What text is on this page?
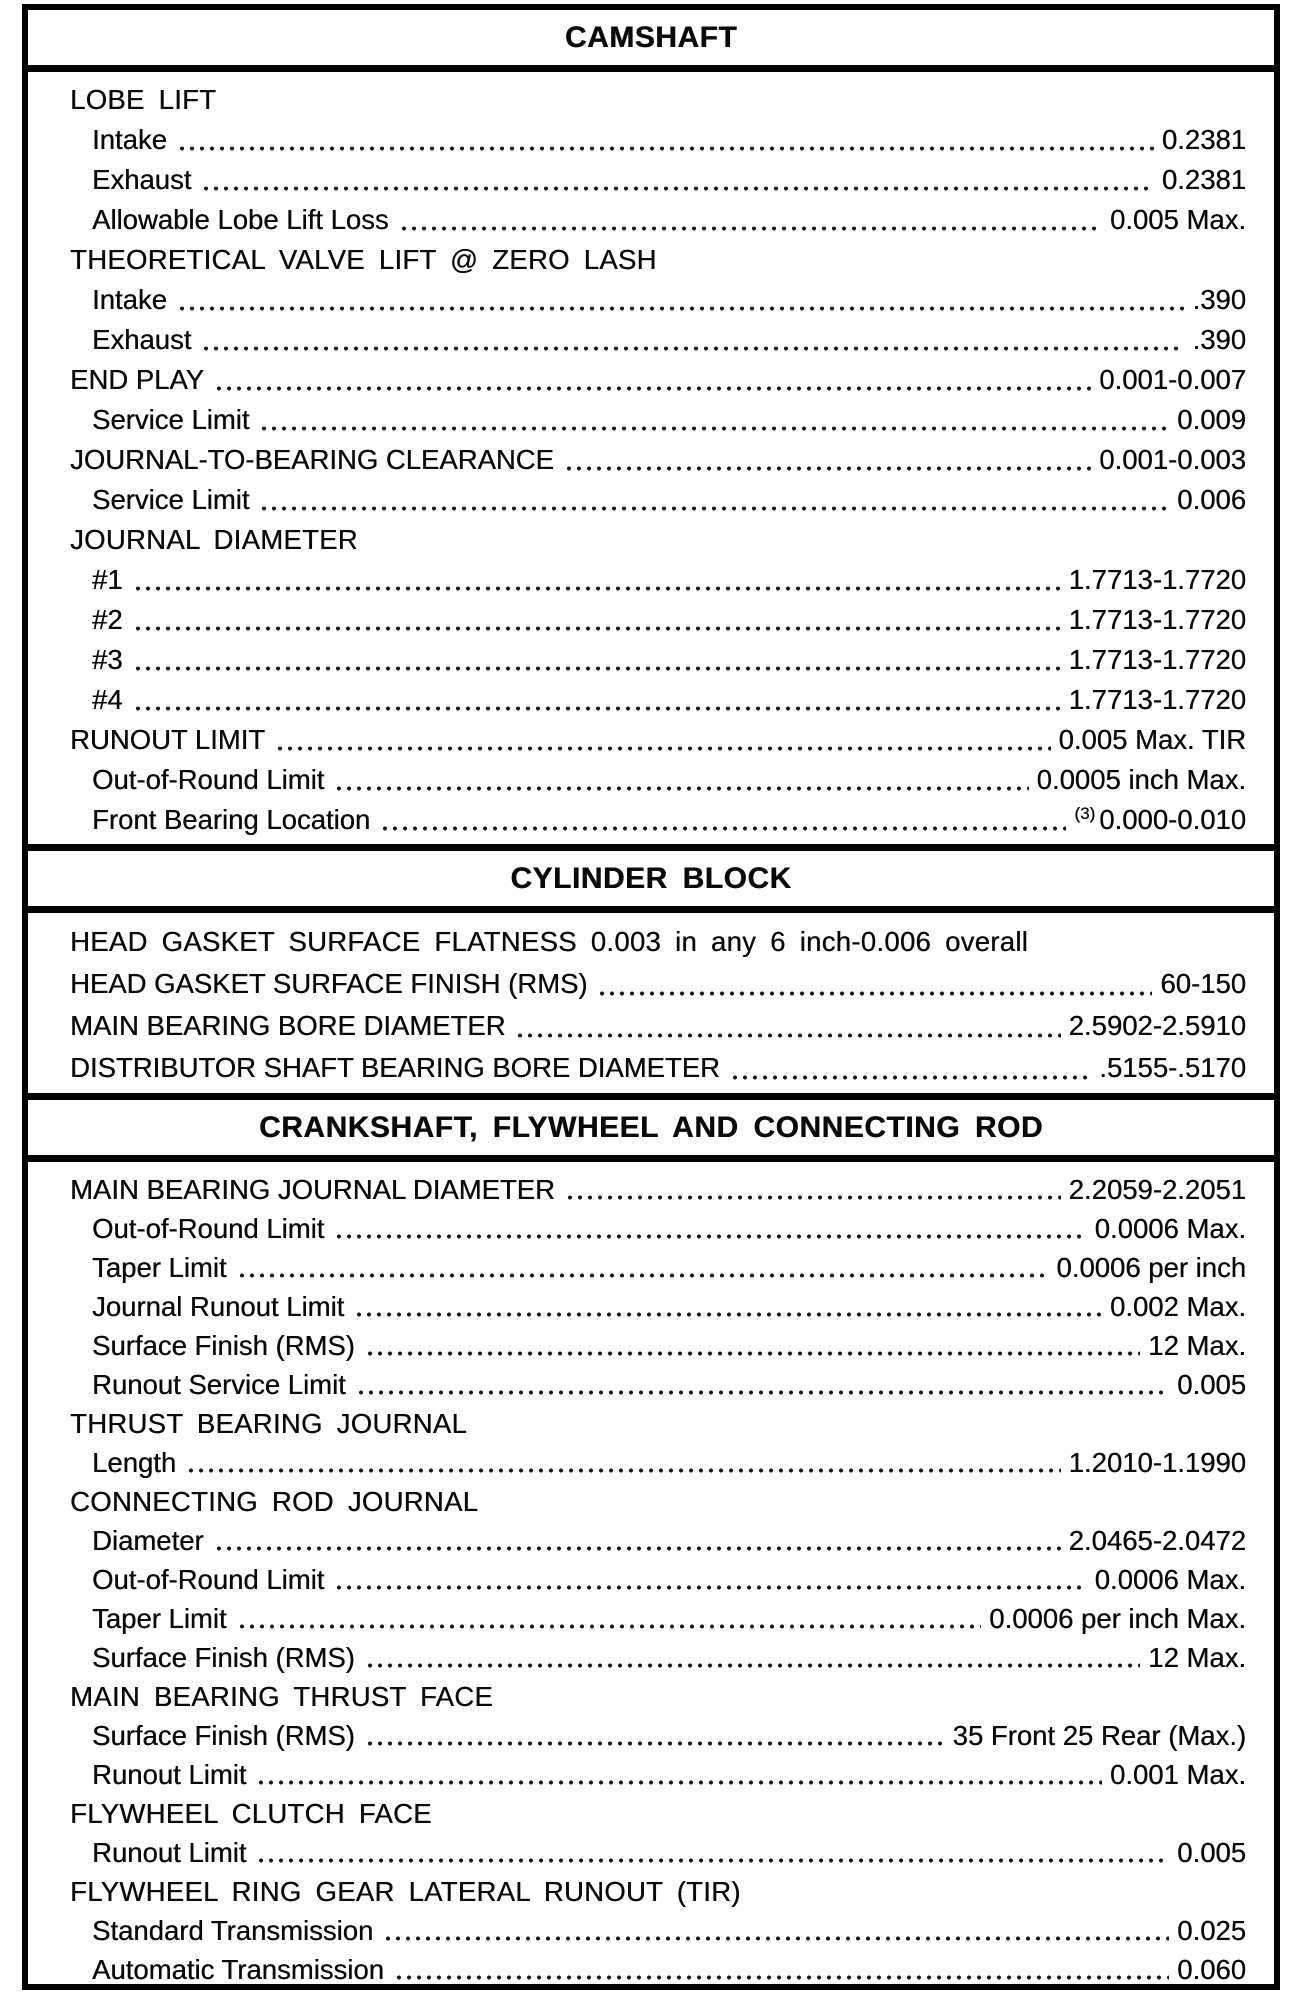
CAMSHAFT
LOBE LIFT
Intake	0.2381
Exhaust	0.2381
Allowable Lobe Lift Loss	0.005 Max.
THEORETICAL VALVE LIFT @ ZERO LASH
Intake	.390
Exhaust	.390
END PLAY	0.001-0.007
Service Limit	0.009
JOURNAL-TO-BEARING CLEARANCE	0.001-0.003
Service Limit	0.006
JOURNAL DIAMETER
#1	1.7713-1.7720
#2	1.7713-1.7720
#3	1.7713-1.7720
#4	1.7713-1.7720
RUNOUT LIMIT	0.005 Max. TIR
Out-of-Round Limit	0.0005 inch Max.
Front Bearing Location	$^{(3)}$ 0.000-0.010
CYLINDER BLOCK
HEAD GASKET SURFACE FLATNESS 0.003 in any 6 inch-0.006 overall
HEAD GASKET SURFACE FINISH (RMS)	60-150
MAIN BEARING BORE DIAMETER	2.5902-2.5910
DISTRIBUTOR SHAFT BEARING BORE DIAMETER	.5155-.5170
CRANKSHAFT, FLYWHEEL AND CONNECTING ROD
MAIN BEARING JOURNAL DIAMETER	2.2059-2.2051
Out-of-Round Limit	0.0006 Max.
Taper Limit	0.0006 per inch
Journal Runout Limit	0.002 Max.
Surface Finish (RMS)	12 Max.
Runout Service Limit	0.005
THRUST BEARING JOURNAL
Length	1.2010-1.1990
CONNECTING ROD JOURNAL
Diameter	2.0465-2.0472
Out-of-Round Limit	0.0006 Max.
Taper Limit	0.0006 per inch Max.
Surface Finish (RMS)	12 Max.
MAIN BEARING THRUST FACE
Surface Finish (RMS)	35 Front 25 Rear (Max.)
Runout Limit	0.001 Max.
FLYWHEEL CLUTCH FACE
Runout Limit	0.005
FLYWHEEL RING GEAR LATERAL RUNOUT (TIR)
Standard Transmission	0.025
Automatic Transmission	0.060
